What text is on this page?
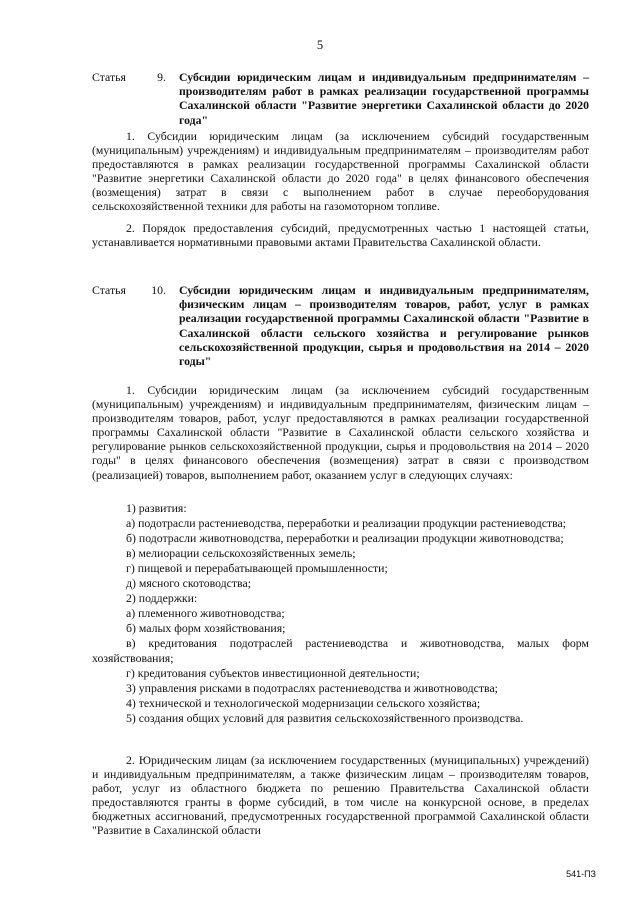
5
Статья	9.	Субсидии юридическим лицам и индивидуальным предпринимателям – производителям работ в рамках реализации государственной программы Сахалинской области "Развитие энергетики Сахалинской области до 2020 года"
1. Субсидии юридическим лицам (за исключением субсидий государственным (муниципальным) учреждениям) и индивидуальным предпринимателям – производителям работ предоставляются в рамках реализации государственной программы Сахалинской области "Развитие энергетики Сахалинской области до 2020 года" в целях финансового обеспечения (возмещения) затрат в связи с выполнением работ в случае переоборудования сельскохозяйственной техники для работы на газомоторном топливе.
2. Порядок предоставления субсидий, предусмотренных частью 1 настоящей статьи, устанавливается нормативными правовыми актами Правительства Сахалинской области.
Статья	10.	Субсидии юридическим лицам и индивидуальным предпринимателям, физическим лицам – производителям товаров, работ, услуг в рамках реализации государственной программы Сахалинской области "Развитие в Сахалинской области сельского хозяйства и регулирование рынков сельскохозяйственной продукции, сырья и продовольствия на 2014 – 2020 годы"
1. Субсидии юридическим лицам (за исключением субсидий государственным (муниципальным) учреждениям) и индивидуальным предпринимателям, физическим лицам – производителям товаров, работ, услуг предоставляются в рамках реализации государственной программы Сахалинской области "Развитие в Сахалинской области сельского хозяйства и регулирование рынков сельскохозяйственной продукции, сырья и продовольствия на 2014 – 2020 годы" в целях финансового обеспечения (возмещения) затрат в связи с производством (реализацией) товаров, выполнением работ, оказанием услуг в следующих случаях:
1) развития:
а) подотрасли растениеводства, переработки и реализации продукции растениеводства;
б) подотрасли животноводства, переработки и реализации продукции животноводства;
в) мелиорации сельскохозяйственных земель;
г) пищевой и перерабатывающей промышленности;
д) мясного скотоводства;
2) поддержки:
а) племенного животноводства;
б) малых форм хозяйствования;
в) кредитования подотраслей растениеводства и животноводства, малых форм хозяйствования;
г) кредитования субъектов инвестиционной деятельности;
3) управления рисками в подотраслях растениеводства и животноводства;
4) технической и технологической модернизации сельского хозяйства;
5) создания общих условий для развития сельскохозяйственного производства.
2. Юридическим лицам (за исключением государственных (муниципальных) учреждений) и индивидуальным предпринимателям, а также физическим лицам – производителям товаров, работ, услуг из областного бюджета по решению Правительства Сахалинской области предоставляются гранты в форме субсидий, в том числе на конкурсной основе, в пределах бюджетных ассигнований, предусмотренных государственной программой Сахалинской области "Развитие в Сахалинской области
541-ПЗ
